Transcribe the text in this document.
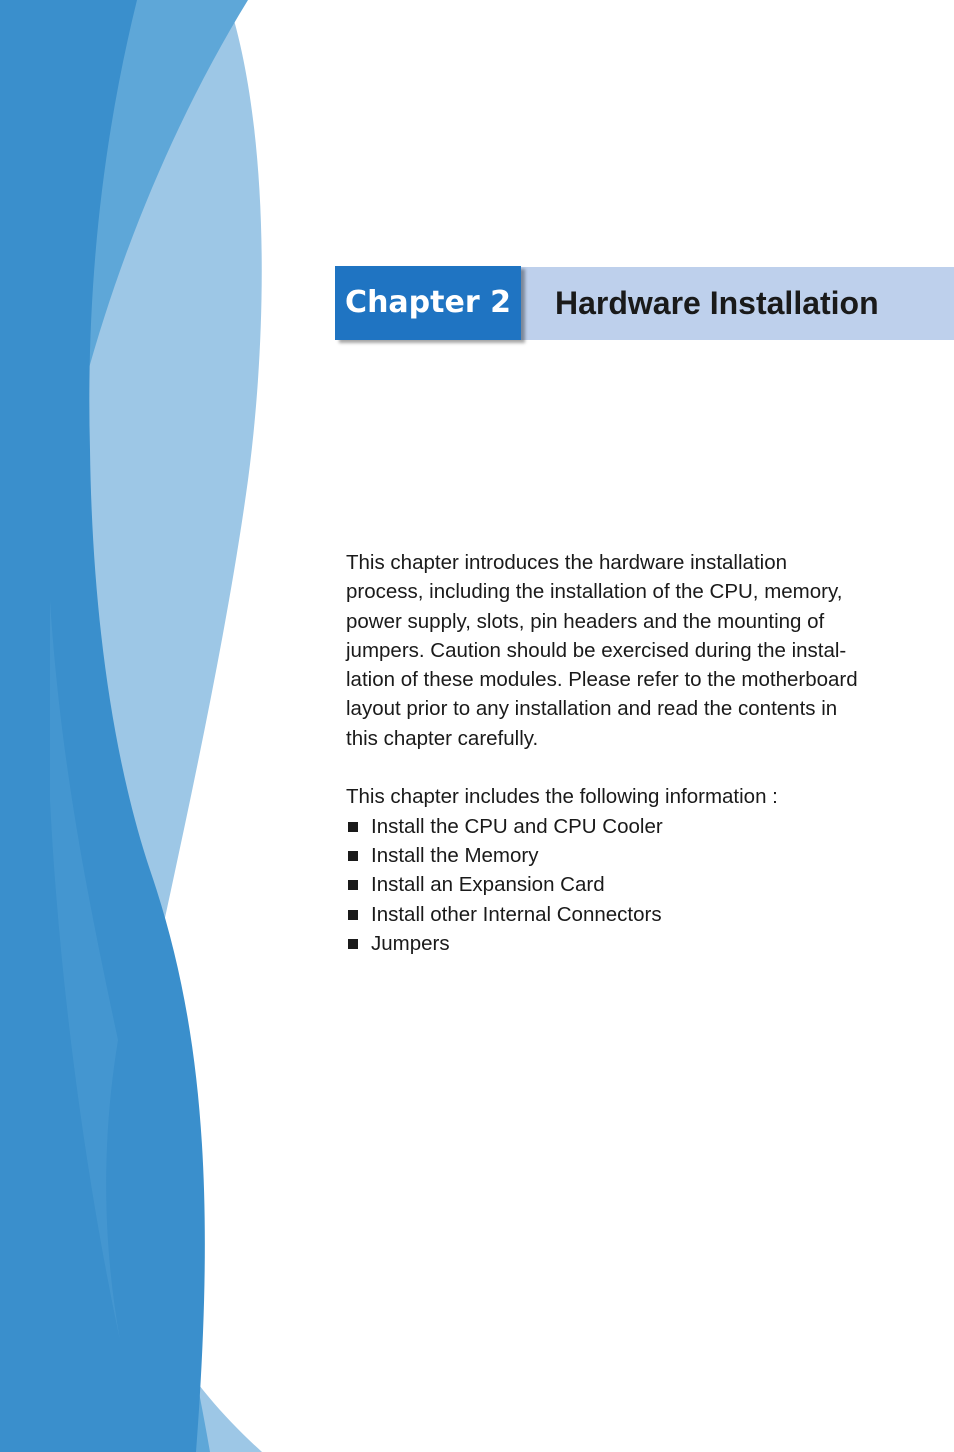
Chapter 2	Hardware Installation

This chapter introduces the hardware installation
process, including the installation of the CPU, memory,
power supply, slots, pin headers and the mounting of
jumpers. Caution should be exercised during the instal-
lation of these modules. Please refer to the motherboard
layout prior to any installation and read the contents in
this chapter carefully.

This chapter includes the following information :
Install the CPU and CPU Cooler
Install the Memory
Install an Expansion Card
Install other Internal Connectors
Jumpers
